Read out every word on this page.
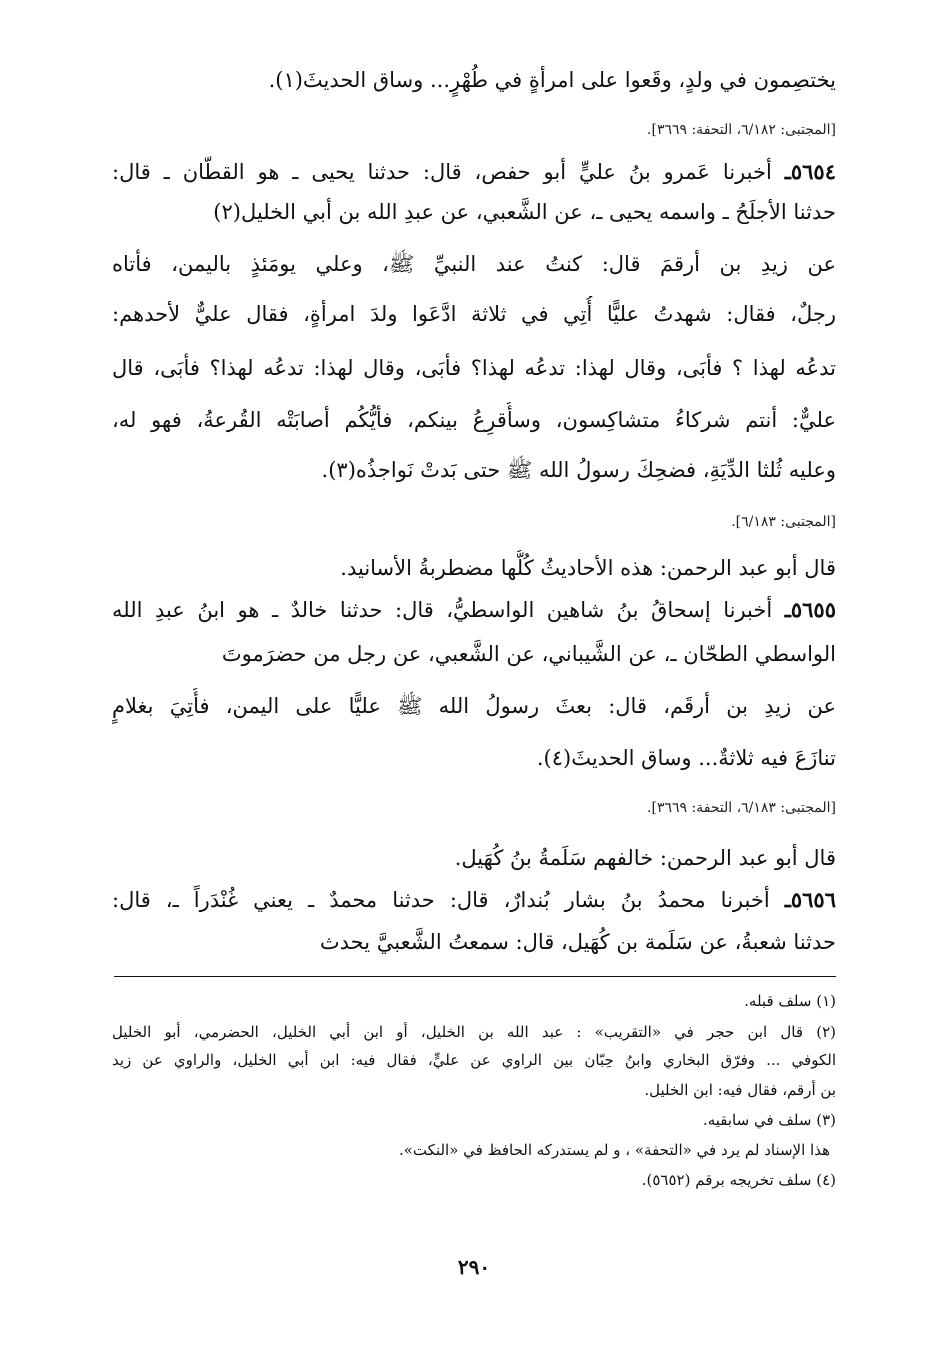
يختصِمون في ولدٍ، وقَعوا على امرأةٍ في طُهْرٍ... وساق الحديثَ(١).
[المجتبى: ٦/١٨٢، التحفة: ٣٦٦٩].
٥٦٥٤ـ أخبرنا عَمرو بنُ عليٍّ أبو حفص، قال: حدثنا يحيى ـ هو القطّان ـ قال:
حدثنا الأجلَحُ ـ واسمه يحيى ـ، عن الشَّعبي، عن عبدِ الله بن أبي الخليل(٢)
عن زيدِ بن أرقمَ قال: كنتُ عند النبيِّ ﷺ، وعلي يومَئذٍ باليمن، فأتاه
رجلٌ، فقال: شهدتُ عليًّا أُتِي في ثلاثة ادَّعَوا ولدَ امرأةٍ، فقال عليٌّ لأحدهم:
تدعُه لهذا ؟ فأبَى، وقال لهذا: تدعُه لهذا؟ فأبَى، وقال لهذا: تدعُه لهذا؟ فأبَى، قال
عليٌّ: أنتم شركاءُ متشاكِسون، وسأُقرِعُ بينكم، فأيُّكُم أصابَتْه القُرعةُ، فهو له،
وعليه ثُلثا الدِّيَةِ، فضحِكَ رسولُ الله ﷺ حتى بَدتْ نَواجذُه(٣).
[المجتبى: ٦/١٨٣].
قال أبو عبد الرحمن: هذه الأحاديثُ كُلُّها مضطربةُ الأسانيد.
٥٦٥٥ـ أخبرنا إسحاقُ بنُ شاهين الواسطيُّ، قال: حدثنا خالدٌ ـ هو ابنُ عبدِ الله
الواسطي الطحّان ـ، عن الشَّيباني، عن الشَّعبي، عن رجل من حضرَموتَ
عن زيدِ بن أرقَم، قال: بعثَ رسولُ الله ﷺ عليًّا على اليمن، فأُتِيَ بغلامٍ
تنازَعَ فيه ثلاثةٌ... وساق الحديثَ(٤).
[المجتبى: ٦/١٨٣، التحفة: ٣٦٦٩].
قال أبو عبد الرحمن: خالفهم سَلَمةُ بنُ كُهَيل.
٥٦٥٦ـ أخبرنا محمدُ بنُ بشار بُندارٌ، قال: حدثنا محمدٌ ـ يعني غُنْدَراً ـ، قال:
حدثنا شعبةُ، عن سَلَمة بن كُهَيل، قال: سمعتُ الشَّعبيَّ يحدث
(١) سلف قبله.
(٢) قال ابن حجر في «التقريب» : عبد الله بن الخليل، أو ابن أبي الخليل، الحضرمي، أبو الخليل
الكوفي ... وفرّق البخاري وابنُ حِبّان بين الراوي عن عليٍّ، فقال فيه: ابن أبي الخليل، والراوي عن زيد
بن أرقم، فقال فيه: ابن الخليل.
(٣) سلف في سابقيه.
هذا الإسناد لم يرد في «التحفة» ، و لم يستدركه الحافظ في «النكت».
(٤) سلف تخريجه برقم (٥٦٥٢).
٢٩٠
